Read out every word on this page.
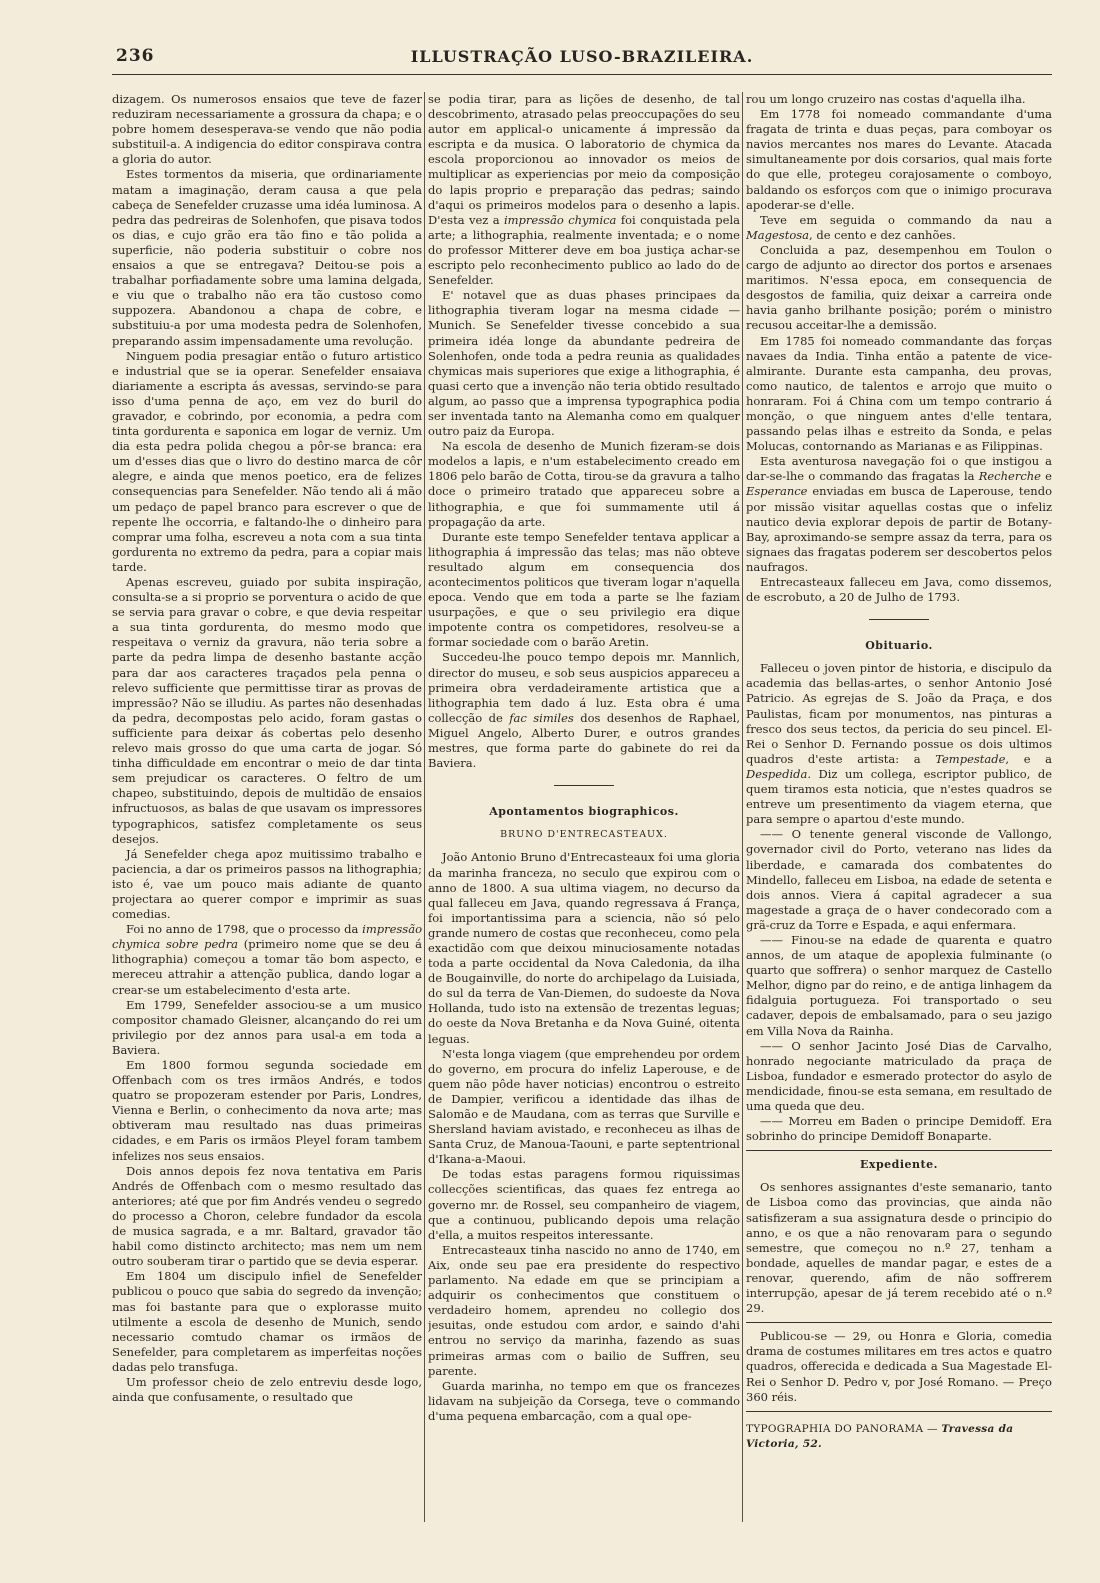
236	ILLUSTRAÇÃO LUSO-BRAZILEIRA.

dizagem. Os numerosos ensaios que teve de fazer reduziram necessariamente a grossura da chapa; e o pobre homem desesperava-se vendo que não podia substituil-a. A indigencia do editor conspirava contra a gloria do autor.

Estes tormentos da miseria, que ordinariamente matam a imaginação, deram causa a que pela cabeça de Senefelder cruzasse uma idéa luminosa. A pedra das pedreiras de Solenhofen, que pisava todos os dias, e cujo grão era tão fino e tão polida a superficie, não poderia substituir o cobre nos ensaios a que se entregava? Deitou-se pois a trabalhar porfiadamente sobre uma lamina delgada, e viu que o trabalho não era tão custoso como suppozera. Abandonou a chapa de cobre, e substituiu-a por uma modesta pedra de Solenhofen, preparando assim impensadamente uma revolução.

Ninguem podia presagiar então o futuro artistico e industrial que se ia operar. Senefelder ensaiava diariamente a escripta ás avessas, servindo-se para isso d'uma penna de aço, em vez do buril do gravador, e cobrindo, por economia, a pedra com tinta gordurenta e saponica em logar de verniz. Um dia esta pedra polida chegou a pôr-se branca: era um d'esses dias que o livro do destino marca de côr alegre, e ainda que menos poetico, era de felizes consequencias para Senefelder. Não tendo ali á mão um pedaço de papel branco para escrever o que de repente lhe occorria, e faltando-lhe o dinheiro para comprar uma folha, escreveu a nota com a sua tinta gordurenta no extremo da pedra, para a copiar mais tarde.

Apenas escreveu, guiado por subita inspiração, consulta-se a si proprio se porventura o acido de que se servia para gravar o cobre, e que devia respeitar a sua tinta gordurenta, do mesmo modo que respeitava o verniz da gravura, não teria sobre a parte da pedra limpa de desenho bastante acção para dar aos caracteres traçados pela penna o relevo sufficiente que permittisse tirar as provas de impressão? Não se illudiu. As partes não desenhadas da pedra, decompostas pelo acido, foram gastas o sufficiente para deixar ás cobertas pelo desenho relevo mais grosso do que uma carta de jogar. Só tinha difficuldade em encontrar o meio de dar tinta sem prejudicar os caracteres. O feltro de um chapeo, substituindo, depois de multidão de ensaios infructuosos, as balas de que usavam os impressores typographicos, satisfez completamente os seus desejos.

Já Senefelder chega apoz muitissimo trabalho e paciencia, a dar os primeiros passos na lithographia; isto é, vae um pouco mais adiante de quanto projectara ao querer compor e imprimir as suas comedias.

Foi no anno de 1798, que o processo da impressão chymica sobre pedra (primeiro nome que se deu á lithographia) começou a tomar tão bom aspecto, e mereceu attrahir a attenção publica, dando logar a crear-se um estabelecimento d'esta arte.

Em 1799, Senefelder associou-se a um musico compositor chamado Gleisner, alcançando do rei um privilegio por dez annos para usal-a em toda a Baviera.

Em 1800 formou segunda sociedade em Offenbach com os tres irmãos Andrés, e todos quatro se propozeram estender por Paris, Londres, Vienna e Berlin, o conhecimento da nova arte; mas obtiveram mau resultado nas duas primeiras cidades, e em Paris os irmãos Pleyel foram tambem infelizes nos seus ensaios.

Dois annos depois fez nova tentativa em Paris Andrés de Offenbach com o mesmo resultado das anteriores; até que por fim Andrés vendeu o segredo do processo a Choron, celebre fundador da escola de musica sagrada, e a mr. Baltard, gravador tão habil como distincto architecto; mas nem um nem outro souberam tirar o partido que se devia esperar.

Em 1804 um discipulo infiel de Senefelder publicou o pouco que sabia do segredo da invenção; mas foi bastante para que o explorasse muito utilmente a escola de desenho de Munich, sendo necessario comtudo chamar os irmãos de Senefelder, para completarem as imperfeitas noções dadas pelo transfuga.

Um professor cheio de zelo entreviu desde logo, ainda que confusamente, o resultado que

se podia tirar, para as lições de desenho, de tal descobrimento, atrasado pelas preoccupações do seu autor em applical-o unicamente á impressão da escripta e da musica. O laboratorio de chymica da escola proporcionou ao innovador os meios de multiplicar as experiencias por meio da composição do lapis proprio e preparação das pedras; saindo d'aqui os primeiros modelos para o desenho a lapis. D'esta vez a impressão chymica foi conquistada pela arte; a lithographia, realmente inventada; e o nome do professor Mitterer deve em boa justiça achar-se escripto pelo reconhecimento publico ao lado do de Senefelder.

E' notavel que as duas phases principaes da lithographia tiveram logar na mesma cidade — Munich. Se Senefelder tivesse concebido a sua primeira idéa longe da abundante pedreira de Solenhofen, onde toda a pedra reunia as qualidades chymicas mais superiores que exige a lithographia, é quasi certo que a invenção não teria obtido resultado algum, ao passo que a imprensa typographica podia ser inventada tanto na Alemanha como em qualquer outro paiz da Europa.

Na escola de desenho de Munich fizeram-se dois modelos a lapis, e n'um estabelecimento creado em 1806 pelo barão de Cotta, tirou-se da gravura a talho doce o primeiro tratado que appareceu sobre a lithographia, e que foi summamente util á propagação da arte.

Durante este tempo Senefelder tentava applicar a lithographia á impressão das telas; mas não obteve resultado algum em consequencia dos acontecimentos politicos que tiveram logar n'aquella epoca. Vendo que em toda a parte se lhe faziam usurpações, e que o seu privilegio era dique impotente contra os competidores, resolveu-se a formar sociedade com o barão Aretin.

Succedeu-lhe pouco tempo depois mr. Mannlich, director do museu, e sob seus auspicios appareceu a primeira obra verdadeiramente artistica que a lithographia tem dado á luz. Esta obra é uma collecção de fac similes dos desenhos de Raphael, Miguel Angelo, Alberto Durer, e outros grandes mestres, que forma parte do gabinete do rei da Baviera.

Apontamentos biographicos.
BRUNO D'ENTRECASTEAUX.

João Antonio Bruno d'Entrecasteaux foi uma gloria da marinha franceza, no seculo que expirou com o anno de 1800. A sua ultima viagem, no decurso da qual falleceu em Java, quando regressava á França, foi importantissima para a sciencia, não só pelo grande numero de costas que reconheceu, como pela exactidão com que deixou minuciosamente notadas toda a parte occidental da Nova Caledonia, da ilha de Bougainville, do norte do archipelago da Luisiada, do sul da terra de Van-Diemen, do sudoeste da Nova Hollanda, tudo isto na extensão de trezentas leguas; do oeste da Nova Bretanha e da Nova Guiné, oitenta leguas.

N'esta longa viagem (que emprehendeu por ordem do governo, em procura do infeliz Laperouse, e de quem não pôde haver noticias) encontrou o estreito de Dampier, verificou a identidade das ilhas de Salomão e de Maudana, com as terras que Surville e Shersland haviam avistado, e reconheceu as ilhas de Santa Cruz, de Manoua-Taouni, e parte septentrional d'Ikana-a-Maoui.

De todas estas paragens formou riquissimas collecções scientificas, das quaes fez entrega ao governo mr. de Rossel, seu companheiro de viagem, que a continuou, publicando depois uma relação d'ella, a muitos respeitos interessante.

Entrecasteaux tinha nascido no anno de 1740, em Aix, onde seu pae era presidente do respectivo parlamento. Na edade em que se principiam a adquirir os conhecimentos que constituem o verdadeiro homem, aprendeu no collegio dos jesuitas, onde estudou com ardor, e saindo d'ahi entrou no serviço da marinha, fazendo as suas primeiras armas com o bailio de Suffren, seu parente.

Guarda marinha, no tempo em que os francezes lidavam na subjeição da Corsega, teve o commando d'uma pequena embarcação, com a qual ope-

rou um longo cruzeiro nas costas d'aquella ilha.

Em 1778 foi nomeado commandante d'uma fragata de trinta e duas peças, para comboyar os navios mercantes nos mares do Levante. Atacada simultaneamente por dois corsarios, qual mais forte do que elle, protegeu corajosamente o comboyo, baldando os esforços com que o inimigo procurava apoderar-se d'elle.

Teve em seguida o commando da nau a Magestosa, de cento e dez canhões.

Concluida a paz, desempenhou em Toulon o cargo de adjunto ao director dos portos e arsenaes maritimos. N'essa epoca, em consequencia de desgostos de familia, quiz deixar a carreira onde havia ganho brilhante posição; porém o ministro recusou acceitar-lhe a demissão.

Em 1785 foi nomeado commandante das forças navaes da India. Tinha então a patente de vice-almirante. Durante esta campanha, deu provas, como nautico, de talentos e arrojo que muito o honraram. Foi á China com um tempo contrario á monção, o que ninguem antes d'elle tentara, passando pelas ilhas e estreito da Sonda, e pelas Molucas, contornando as Marianas e as Filippinas.

Esta aventurosa navegação foi o que instigou a dar-se-lhe o commando das fragatas la Recherche e Esperance enviadas em busca de Laperouse, tendo por missão visitar aquellas costas que o infeliz nautico devia explorar depois de partir de Botany-Bay, aproximando-se sempre assaz da terra, para os signaes das fragatas poderem ser descobertos pelos naufragos.

Entrecasteaux falleceu em Java, como dissemos, de escrobuto, a 20 de Julho de 1793.

Obituario.

Falleceu o joven pintor de historia, e discipulo da academia das bellas-artes, o senhor Antonio José Patricio. As egrejas de S. João da Praça, e dos Paulistas, ficam por monumentos, nas pinturas a fresco dos seus tectos, da pericia do seu pincel. El-Rei o Senhor D. Fernando possue os dois ultimos quadros d'este artista: a Tempestade, e a Despedida. Diz um collega, escriptor publico, de quem tiramos esta noticia, que n'estes quadros se entreve um presentimento da viagem eterna, que para sempre o apartou d'este mundo.

—— O tenente general visconde de Vallongo, governador civil do Porto, veterano nas lides da liberdade, e camarada dos combatentes do Mindello, falleceu em Lisboa, na edade de setenta e dois annos. Viera á capital agradecer a sua magestade a graça de o haver condecorado com a grã-cruz da Torre e Espada, e aqui enfermara.

—— Finou-se na edade de quarenta e quatro annos, de um ataque de apoplexia fulminante (o quarto que soffrera) o senhor marquez de Castello Melhor, digno par do reino, e de antiga linhagem da fidalguia portugueza. Foi transportado o seu cadaver, depois de embalsamado, para o seu jazigo em Villa Nova da Rainha.

—— O senhor Jacinto José Dias de Carvalho, honrado negociante matriculado da praça de Lisboa, fundador e esmerado protector do asylo de mendicidade, finou-se esta semana, em resultado de uma queda que deu.

—— Morreu em Baden o principe Demidoff. Era sobrinho do principe Demidoff Bonaparte.

Expediente.

Os senhores assignantes d'este semanario, tanto de Lisboa como das provincias, que ainda não satisfizeram a sua assignatura desde o principio do anno, e os que a não renovaram para o segundo semestre, que começou no n.º 27, tenham a bondade, aquelles de mandar pagar, e estes de a renovar, querendo, afim de não soffrerem interrupção, apesar de já terem recebido até o n.º 29.

Publicou-se — 29, ou Honra e Gloria, comedia drama de costumes militares em tres actos e quatro quadros, offerecida e dedicada a Sua Magestade El-Rei o Senhor D. Pedro v, por José Romano. — Preço 360 réis.

TYPOGRAPHIA DO PANORAMA — Travessa da Victoria, 52.
